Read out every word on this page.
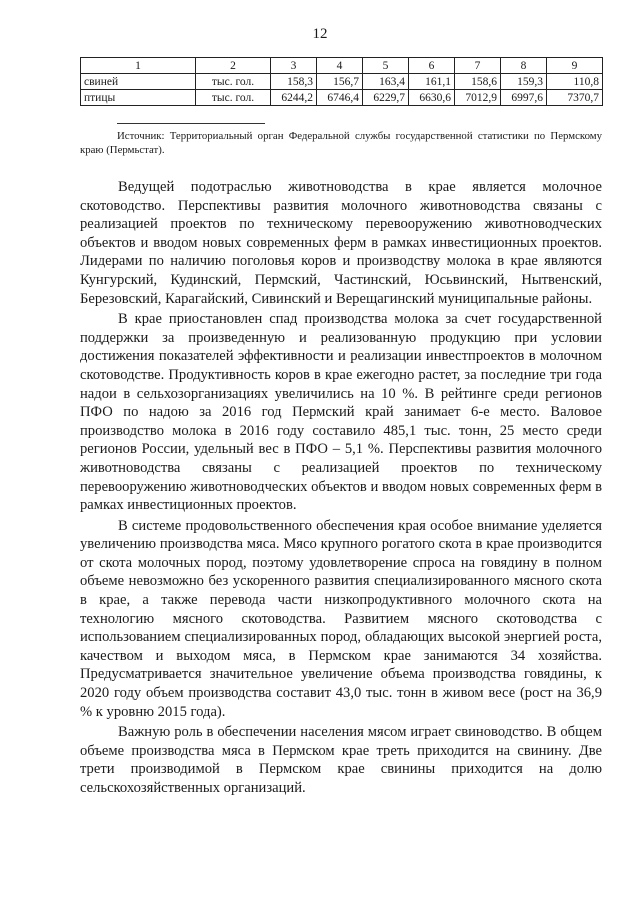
12
1	2	3	4	5	6	7	8	9
свиней	тыс. гол.	158,3	156,7	163,4	161,1	158,6	159,3	110,8
птицы	тыс. гол.	6244,2	6746,4	6229,7	6630,6	7012,9	6997,6	7370,7
Источник: Территориальный орган Федеральной службы государственной статистики по Пермскому краю (Пермьстат).

Ведущей подотраслью животноводства в крае является молочное скотоводство. Перспективы развития молочного животноводства связаны с реализацией проектов по техническому перевооружению животноводческих объектов и вводом новых современных ферм в рамках инвестиционных проектов. Лидерами по наличию поголовья коров и производству молока в крае являются Кунгурский, Кудинский, Пермский, Частинский, Юсьвинский, Нытвенский, Березовский, Карагайский, Сивинский и Верещагинский муниципальные районы.

В крае приостановлен спад производства молока за счет государственной поддержки за произведенную и реализованную продукцию при условии достижения показателей эффективности и реализации инвестпроектов в молочном скотоводстве. Продуктивность коров в крае ежегодно растет, за последние три года надои в сельхозорганизациях увеличились на 10 %. В рейтинге среди регионов ПФО по надою за 2016 год Пермский край занимает 6-е место. Валовое производство молока в 2016 году составило 485,1 тыс. тонн, 25 место среди регионов России, удельный вес в ПФО – 5,1 %. Перспективы развития молочного животноводства связаны с реализацией проектов по техническому перевооружению животноводческих объектов и вводом новых современных ферм в рамках инвестиционных проектов.

В системе продовольственного обеспечения края особое внимание уделяется увеличению производства мяса. Мясо крупного рогатого скота в крае производится от скота молочных пород, поэтому удовлетворение спроса на говядину в полном объеме невозможно без ускоренного развития специализированного мясного скота в крае, а также перевода части низкопродуктивного молочного скота на технологию мясного скотоводства. Развитием мясного скотоводства с использованием специализированных пород, обладающих высокой энергией роста, качеством и выходом мяса, в Пермском крае занимаются 34 хозяйства. Предусматривается значительное увеличение объема производства говядины, к 2020 году объем производства составит 43,0 тыс. тонн в живом весе (рост на 36,9 % к уровню 2015 года).

Важную роль в обеспечении населения мясом играет свиноводство. В общем объеме производства мяса в Пермском крае треть приходится на свинину. Две трети производимой в Пермском крае свинины приходится на долю сельскохозяйственных организаций.
